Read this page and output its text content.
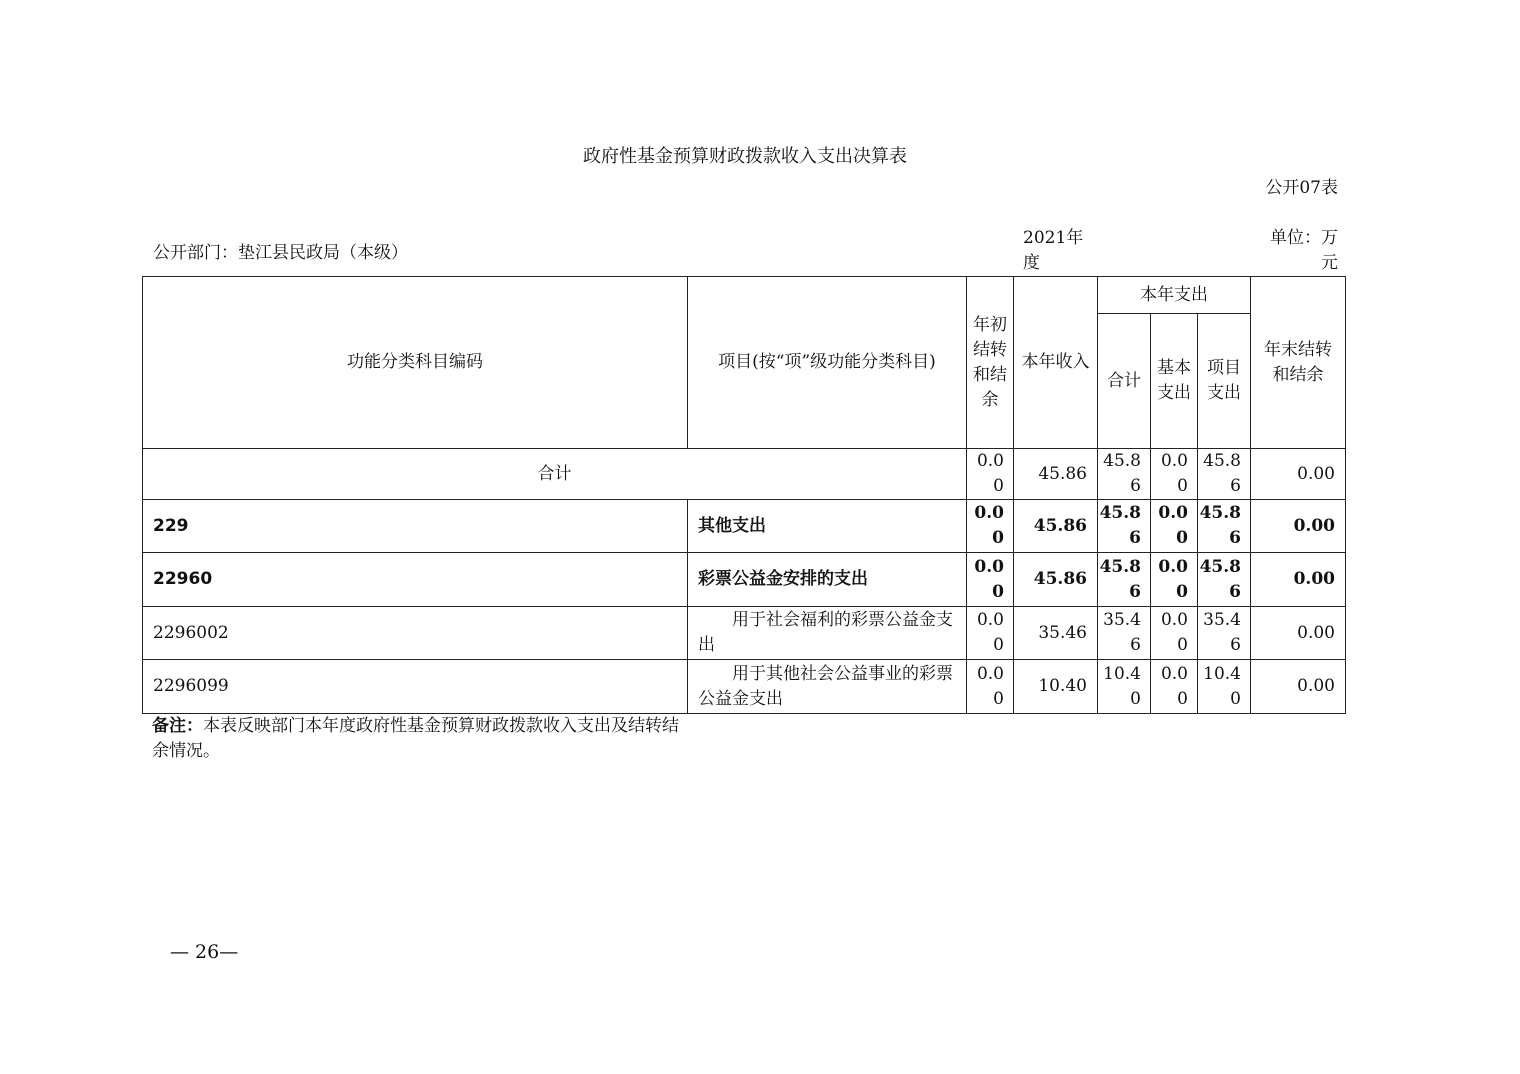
政府性基金预算财政拨款收入支出决算表
公开07表
公开部门：垫江县民政局（本级）
2021年度
单位：万元
功能分类科目编码	项目(按“项”级功能分类科目)	年初结转和结余	本年收入	本年支出			年末结转和结余
				合计	基本支出	项目支出	
合计		0.00	45.86	45.86	0.00	45.86	0.00
229	其他支出	0.00	45.86	45.86	0.00	45.86	0.00
22960	彩票公益金安排的支出	0.00	45.86	45.86	0.00	45.86	0.00
2296002	用于社会福利的彩票公益金支出	0.00	35.46	35.46	0.00	35.46	0.00
2296099	用于其他社会公益事业的彩票公益金支出	0.00	10.40	10.40	0.00	10.40	0.00
备注：本表反映部门本年度政府性基金预算财政拨款收入支出及结转结余情况。
— 26—
